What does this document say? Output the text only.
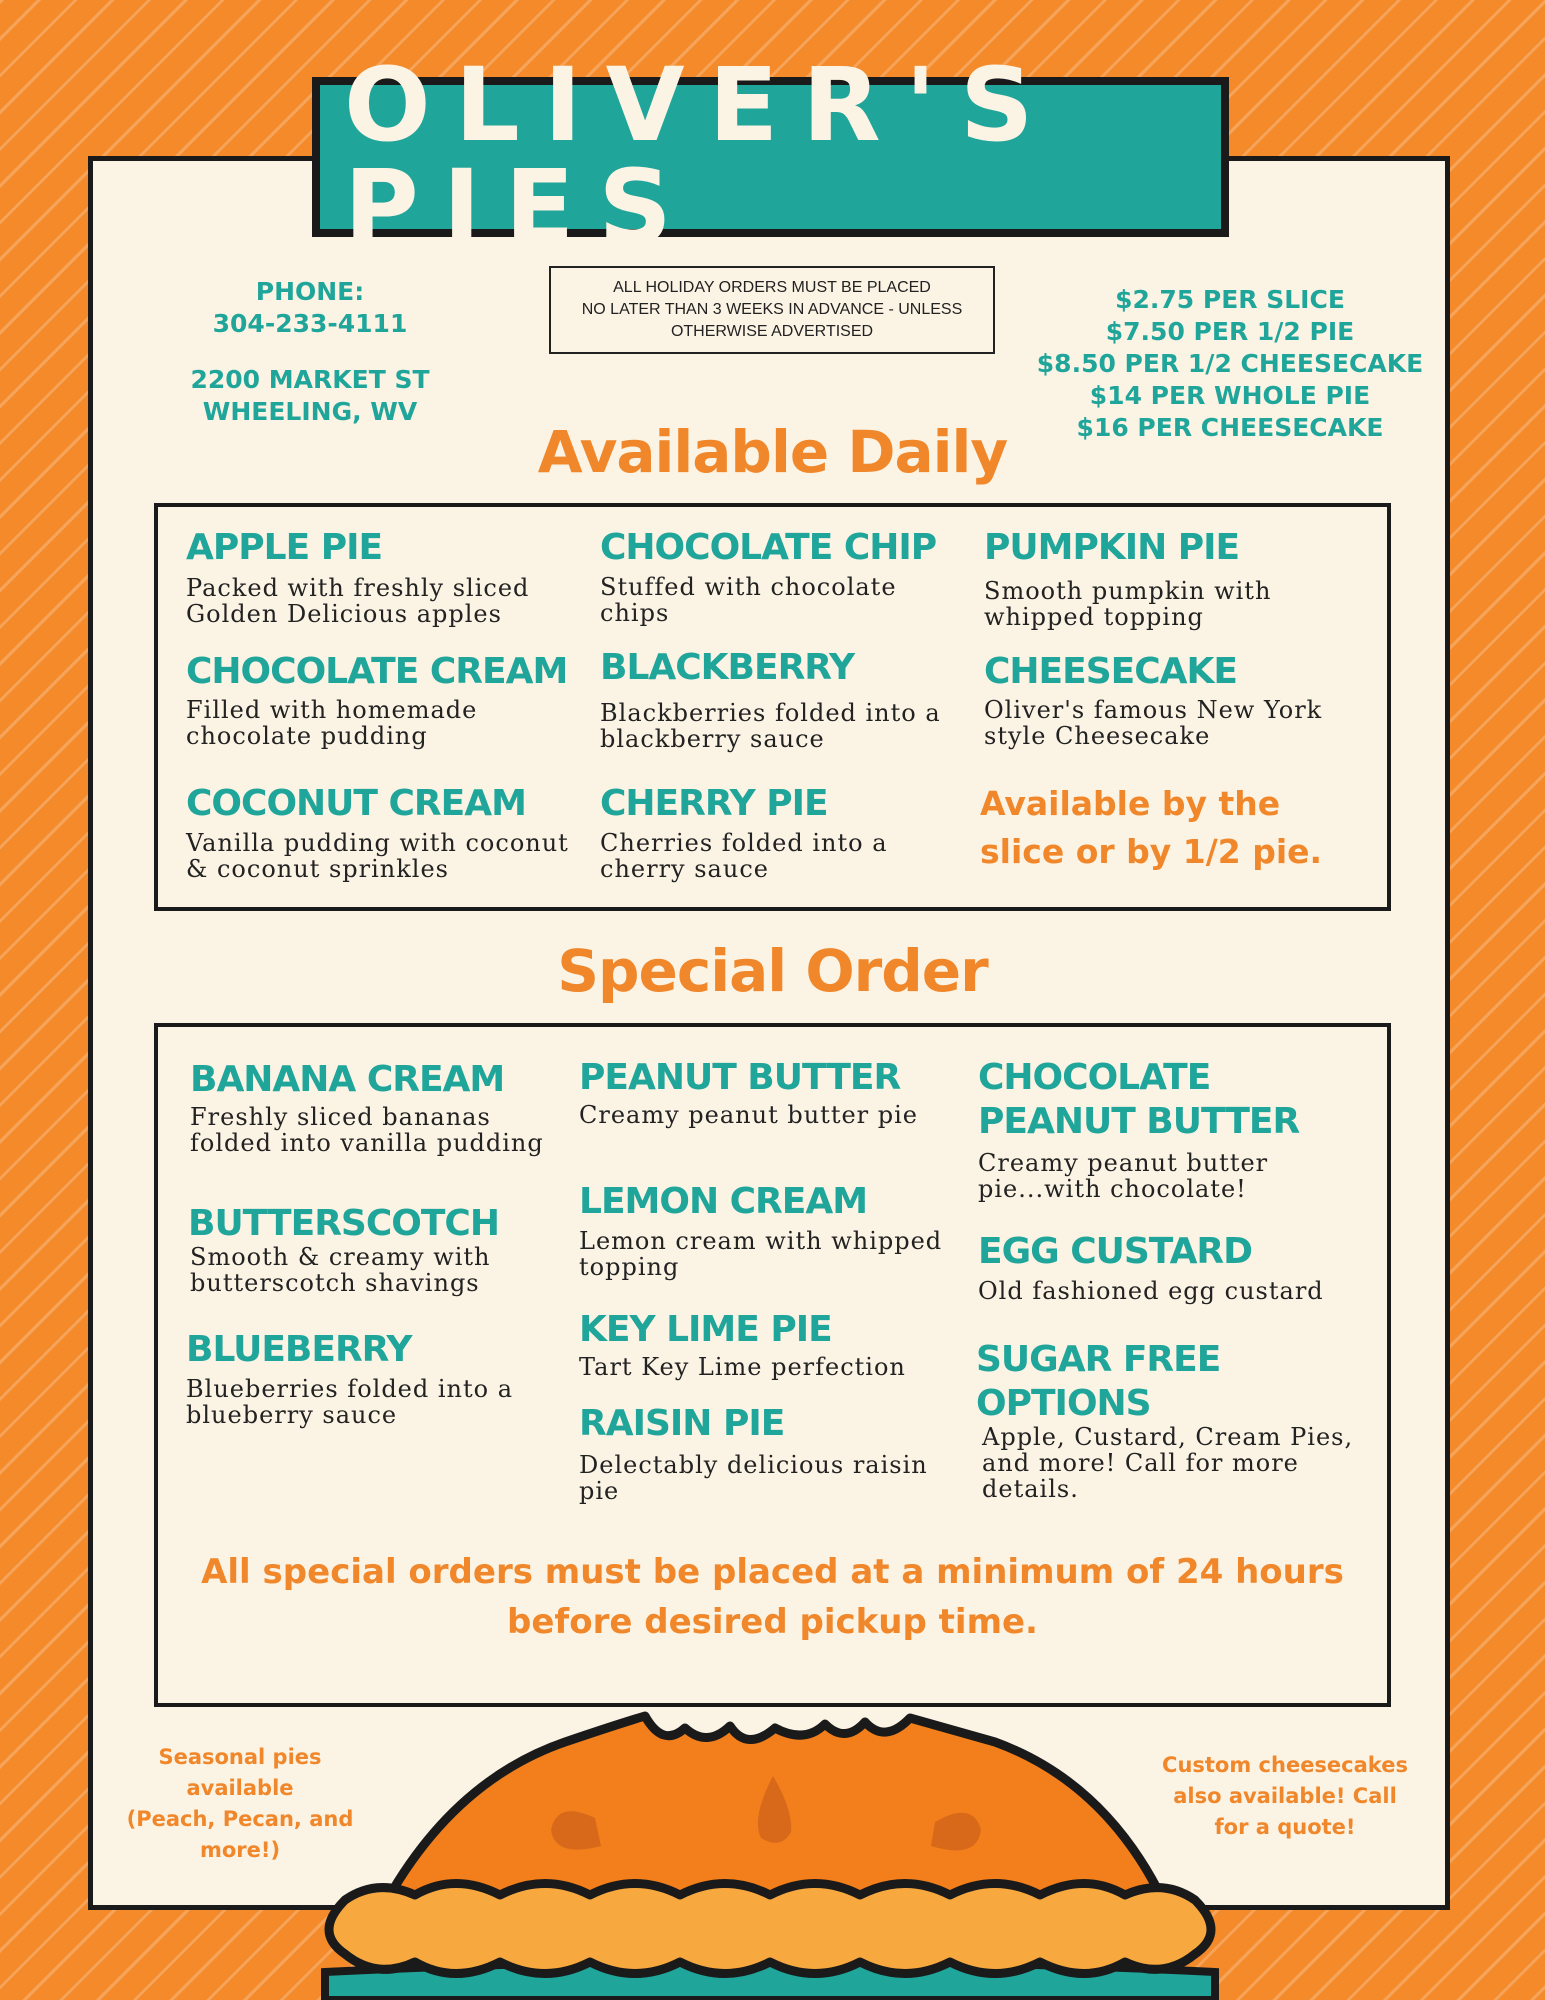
OLIVER'S PIES
PHONE:
304-233-4111
2200 MARKET ST
WHEELING, WV
ALL HOLIDAY ORDERS MUST BE PLACED
NO LATER THAN 3 WEEKS IN ADVANCE - UNLESS
OTHERWISE ADVERTISED
$2.75 PER SLICE
$7.50 PER 1/2 PIE
$8.50 PER 1/2 CHEESECAKE
$14 PER WHOLE PIE
$16 PER CHEESECAKE
Available Daily
APPLE PIE
Packed with freshly sliced Golden Delicious apples
CHOCOLATE CHIP
Stuffed with chocolate chips
PUMPKIN PIE
Smooth pumpkin with whipped topping
CHOCOLATE CREAM
Filled with homemade chocolate pudding
BLACKBERRY
Blackberries folded into a blackberry sauce
CHEESECAKE
Oliver's famous New York style Cheesecake
COCONUT CREAM
Vanilla pudding with coconut & coconut sprinkles
CHERRY PIE
Cherries folded into a cherry sauce
Available by the
slice or by 1/2 pie.
Special Order
BANANA CREAM
Freshly sliced bananas folded into vanilla pudding
BUTTERSCOTCH
Smooth & creamy with butterscotch shavings
BLUEBERRY
Blueberries folded into a blueberry sauce
PEANUT BUTTER
Creamy peanut butter pie
LEMON CREAM
Lemon cream with whipped topping
KEY LIME PIE
Tart Key Lime perfection
RAISIN PIE
Delectably delicious raisin pie
CHOCOLATE
PEANUT BUTTER
Creamy peanut butter pie...with chocolate!
EGG CUSTARD
Old fashioned egg custard
SUGAR FREE
OPTIONS
Apple, Custard, Cream Pies, and more! Call for more details.
All special orders must be placed at a minimum of 24 hours
before desired pickup time.
Seasonal pies
available
(Peach, Pecan, and
more!)
Custom cheesecakes
also available! Call
for a quote!
